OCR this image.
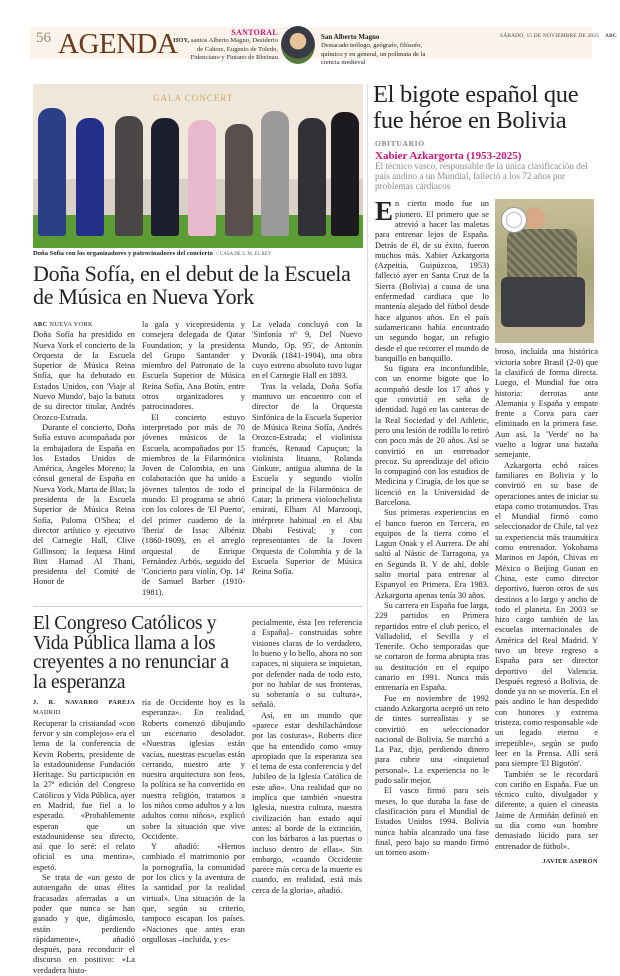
56 AGENDA	SANTORAL
HOY, santos Alberto Magno, Desiderio de Cahors, Eugenio de Toledo, Fidenciano y Fintano de Rheinau
San Alberto Magno
Destacado teólogo, geógrafo, filósofo, químico y en general, un polímata de la ciencia medieval
SÁBADO, 15 DE NOVIEMBRE DE 2025 ABC
GALA CONCERT
Doña Sofía con los organizadores y patrocinadores del concierto // CASA DE S. M. EL REY
Doña Sofía, en el debut de la Escuela de Música en Nueva York
ABC NUEVA YORK

Doña Sofía ha presidido en Nueva York el concierto de la Orquesta de la Escuela Superior de Música Reina Sofía, que ha debutado en Estados Unidos, con 'Viaje al Nuevo Mundo', bajo la batuta de su director titular, Andrés Orozco-Estrada.

Durante el concierto, Doña Sofía estuvo acompañada por la embajadora de España en los Estados Unidos de América, Ángeles Moreno; la cónsul general de España en Nueva York, Marta de Blas; la presidenta de la Escuela Superior de Música Reina Sofía, Paloma O'Shea; el director artístico y ejecutivo del Carnegie Hall, Clive Gillinson; la Jequesa Hind Bint Hamad Al Thani, presidenta del Comité de Honor de

la gala y vicepresidenta y consejera delegada de Qatar Foundation; y la presidenta del Grupo Santander y miembro del Patronato de la Escuela Superior de Música Reina Sofía, Ana Botín, entre otros organizadores y patrocinadores.

El concierto estuvo interpretado por más de 70 jóvenes músicos de la Escuela, acompañados por 15 miembros de la Filarmónica Joven de Colombia, en una colaboración que ha unido a jóvenes talentos de todo el mundo. El programa se abrió con los colores de 'El Puerto', del primer cuaderno de la 'Iberia' de Issac Albéniz (1860-1909), en el arreglo orquestal de Enrique Fernández Arbós, seguido del 'Concierto para violín, Op. 14' de Samuel Barber (1910-1981).

La velada concluyó con la 'Sinfonía nº 9, Del Nuevo Mundo, Op. 95', de Antonín Dvorák (1841-1904), una obra cuyo estreno absoluto tuvo lugar en el Carnegie Hall en 1893.

Tras la velada, Doña Sofía mantuvo un encuentro con el director de la Orquesta Sinfónica de la Escuela Superior de Música Reina Sofía, Andrés Orozco-Estrada; el violinista francés, Renaud Capuçon; la violinista lituana, Rolanda Ginkute, antigua alumna de la Escuela y segundo violín principal de la Filarmónica de Catar; la primera violonchelista emiratí, Elham Al Marzooqi, intérprete habitual en el Abu Dhabi Festival; y con representantes de la Joven Orquesta de Colombia y de la Escuela Superior de Música Reina Sofía.

El Congreso Católicos y Vida Pública llama a los creyentes a no renunciar a la esperanza
J. R. NAVARRO PAREJA MADRID

Recuperar la cristiandad «con fervor y sin complejos» era el lema de la conferencia de Kevin Roberts, presidente de la estadounidense Fundación Heritage. Su participación en la 27ª edición del Congreso Católicos y Vida Pública, ayer en Madrid, fue fiel a lo esperado. «Probablemente esperan que un estadounidense sea directo, así que lo seré: el relato oficial es una mentira», espetó.

Se trata de «un gesto de autoengaño de unas élites fracasadas aferradas a un poder que nunca se han ganado y que, digámoslo, están perdiendo rápidamente», añadió después, para reconducir el discurso en positivo: «La verdadera histo-

ria de Occidente hoy es la esperanza». En realidad, Roberts comenzó dibujando un escenario desolador. «Nuestras iglesias están vacías, nuestras escuelas están cerrando, nuestro arte y nuestra arquitectura son feos, la política se ha convertido en nuestra religión, tratamos a los niños como adultos y a los adultos como niños», explicó sobre la situación que vive Occidente.

Y añadió: «Hemos cambiado el matrimonio por la pornografía, la comunidad por los clics y la aventura de la santidad por la realidad virtual». Una situación de la que, según su criterio, tampoco escapan los países. «Naciones que antes eran orgullosas –incluida, y es-

pecialmente, ésta [en referencia a España]– construidas sobre visiones claras de lo verdadero, lo bueno y lo bello, ahora no son capaces, ni siquiera se inquietan, por defender nada de todo esto, por no hablar de sus fronteras, su soberanía o su cultura», señaló.

Así, en un mundo que «parece estar deshilachándose por las costuras», Roberts dice que ha entendido como «muy apropiado que la esperanza sea el tema de esta conferencia y del Jubileo de la Iglesia Católica de este año». Una realidad que no implica que también «nuestra Iglesia, nuestra cultura, nuestra civilización han estado aquí antes: al borde de la extinción, con los bárbaros a las puertas o incluso dentro de ellas». Sin embargo, «cuando Occidente parece más cerca de la muerte es cuando, en realidad, está más cerca de la gloria», añadió.

El bigote español que fue héroe en Bolivia
OBITUARIO
Xabier Azkargorta (1953-2025)
El técnico vasco, responsable de la única clasificación del país andino a un Mundial, falleció a los 72 años por problemas cardiacos

En cierto modo fue un pionero. El primero que se atrevió a hacer las maletas para entrenar lejos de España. Detrás de él, de su éxito, fueron muchos más. Xabier Azkargorta (Azpeitia, Guipúzcoa, 1953) falleció ayer en Santa Cruz de la Sierra (Bolivia) a causa de una enfermedad cardiaca que lo mantenía alejado del fútbol desde hace algunos años. En el país sudamericano había encontrado un segundo hogar, un refugio desde el que recorrer el mundo de banquillo en banquillo.

Su figura era inconfundible, con un enorme bigote que lo acompañó desde los 17 años y que convirtió en seña de identidad. Jugó en las canteras de la Real Sociedad y del Athletic, pero una lesión de rodilla lo retiró con poco más de 20 años. Así se convirtió en un entrenador precoz. Su aprendizaje del oficio lo compaginó con los estudios de Medicina y Cirugía, de los que se licenció en la Universidad de Barcelona.

Sus primeras experiencias en el banco fueron en Tercera, en equipos de la tierra como el Lagun Onak y el Aurrera. De ahí saltó al Nástic de Tarragona, ya en Segunda B. Y de ahí, doble salto mortal para entrenar al Espanyol en Primera. Era 1983. Azkargorta apenas tenía 30 años.

Su carrera en España fue larga, 229 partidos en Primera repartidos entre el club perico, el Valladolid, el Sevilla y el Tenerife. Ocho temporadas que se cortaron de forma abrupta tras su destitución en el equipo canario en 1991. Nunca más entrenaría en España.

Fue en noviembre de 1992 cuando Azkargorta aceptó un reto de tintes surrealistas y se convirtió en seleccionador nacional de Bolivia. Se marchó a La Paz, dijo, perdiendo dinero para cubrir una «inquietud personal». La experiencia no le pudo salir mejor.

El vasco firmó para seis meses, lo que duraba la fase de clasificación para el Mundial de Estados Unidos 1994. Bolivia nunca había alcanzado una fase final, pero bajo su mando firmó un torneo asom-

broso, incluida una histórica victoria sobre Brasil (2-0) que la clasificó de forma directa. Luego, el Mundial fue otra historia: derrotas ante Alemania y España y empate frente a Corea para caer eliminado en la primera fase. Aun así, la 'Verde' no ha vuelto a lograr una hazaña semejante.

Azkargorta echó raíces familiares en Bolivia y lo convirtió en su base de operaciones antes de iniciar su etapa como trotamundos. Tras el Mundial firmó como seleccionador de Chile, tal vez su experiencia más traumática como entrenador. Yokohama Marinos en Japón, Chivas en México o Beijing Guoan en China, este como director deportivo, fueron otros de sus destinos a lo largo y ancho de todo el planeta. En 2003 se hizo cargo también de las escuelas internacionales de América del Real Madrid. Y tuvo un breve regreso a España para ser director deportivo del Valencia. Después regresó a Bolivia, de donde ya no se movería. En el país andino le han despedido con honores y extrema tristeza, como responsable «de un legado eterno e irrepetible», según se pudo leer en la Prensa. Allí será para siempre 'El Bigotón'.

También se le recordará con cariño en España. Fue un técnico culto, divulgador y diferente, a quien el cineasta Jaime de Armiñán definió en su día como «un hombre demasiado lúcido para ser entrenador de fútbol».

JAVIER ASPRÓN
